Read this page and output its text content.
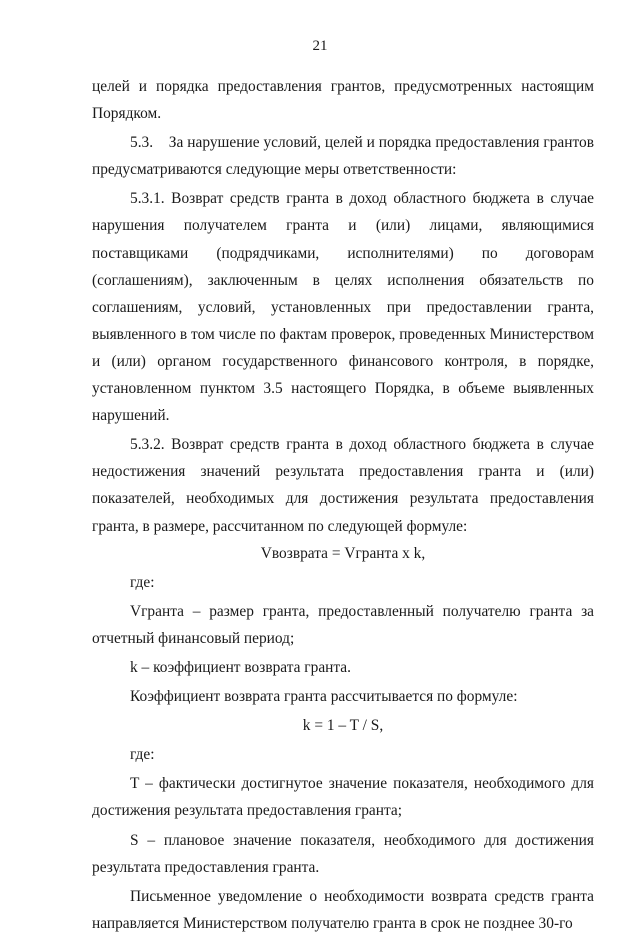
21

целей и порядка предоставления грантов, предусмотренных настоящим Порядком.

5.3.    За нарушение условий, целей и порядка предоставления грантов предусматриваются следующие меры ответственности:

5.3.1. Возврат средств гранта в доход областного бюджета в случае нарушения получателем гранта и (или) лицами, являющимися поставщиками (подрядчиками, исполнителями) по договорам (соглашениям), заключенным в целях исполнения обязательств по соглашениям, условий, установленных при предоставлении гранта, выявленного в том числе по фактам проверок, проведенных Министерством и (или) органом государственного финансового контроля, в порядке, установленном пунктом 3.5 настоящего Порядка, в объеме выявленных нарушений.

5.3.2. Возврат средств гранта в доход областного бюджета в случае недостижения значений результата предоставления гранта и (или) показателей, необходимых для достижения результата предоставления гранта, в размере, рассчитанном по следующей формуле:

Vвозврата = Vгранта x k,

где:

Vгранта – размер гранта, предоставленный получателю гранта за отчетный финансовый период;

k – коэффициент возврата гранта.

Коэффициент возврата гранта рассчитывается по формуле:

k = 1 – T / S,

где:

T – фактически достигнутое значение показателя, необходимого для достижения результата предоставления гранта;

S – плановое значение показателя, необходимого для достижения результата предоставления гранта.

Письменное уведомление о необходимости возврата средств гранта направляется Министерством получателю гранта в срок не позднее 30-го
